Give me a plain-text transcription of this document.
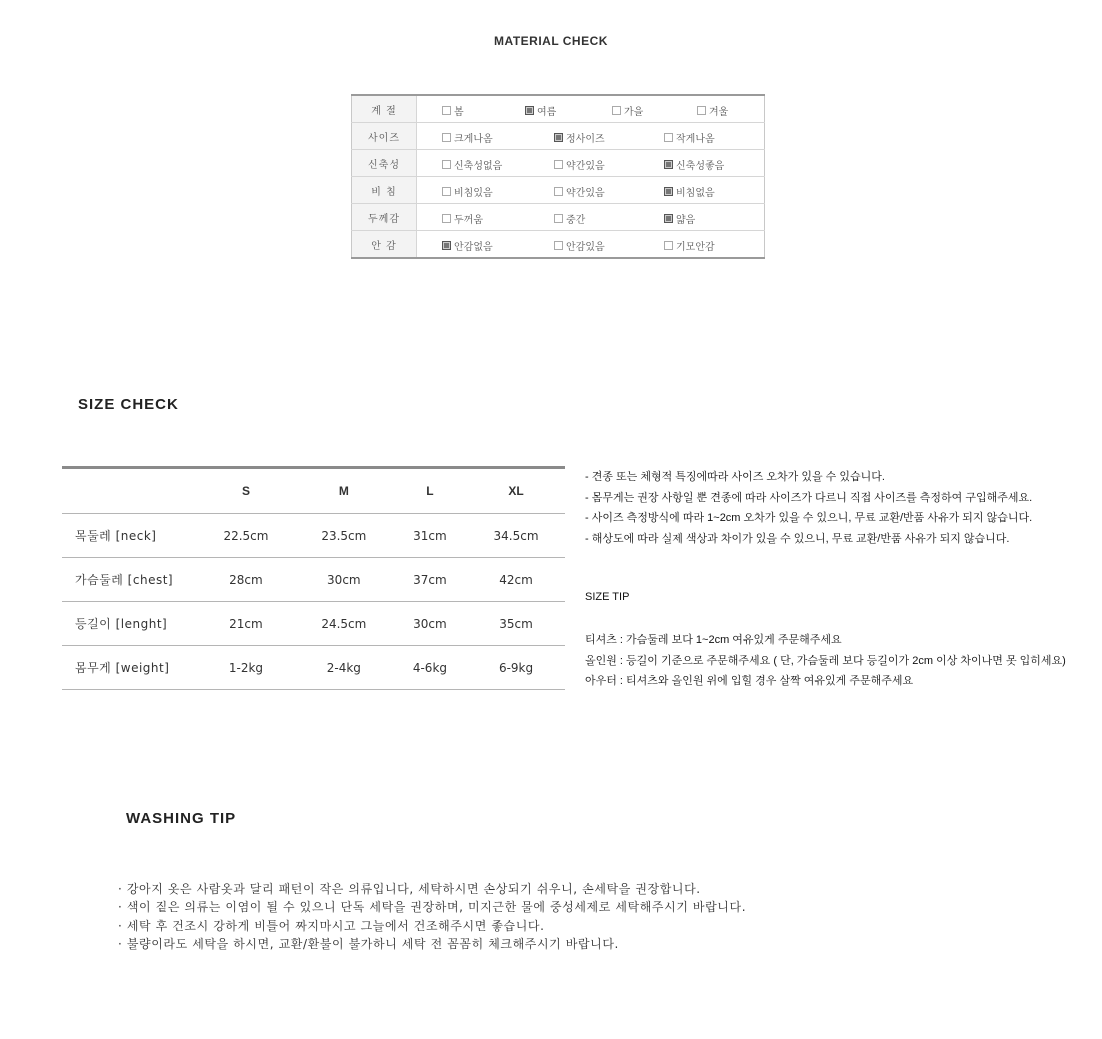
MATERIAL CHECK
계 절	봄 여름 가을 겨울

사이즈	크게나옴 정사이즈 작게나옴

신축성	신축성없음 약간있음 신축성좋음

비 침	비침있음 약간있음 비침없음

두께감	두꺼움 중간 얇음

안 감	안감없음 안감있음 기모안감
SIZE CHECK
	S	M	L	XL
목둘레 [neck]	22.5cm	23.5cm	31cm	34.5cm
가슴둘레 [chest]	28cm	30cm	37cm	42cm
등길이 [lenght]	21cm	24.5cm	30cm	35cm
몸무게 [weight]	1-2kg	2-4kg	4-6kg	6-9kg
- 견종 또는 체형적 특징에따라 사이즈 오차가 있을 수 있습니다.
- 몸무게는 권장 사항일 뿐 견종에 따라 사이즈가 다르니 직접 사이즈를 측정하여 구입해주세요.
- 사이즈 측정방식에 따라 1~2cm 오차가 있을 수 있으니, 무료 교환/반품 사유가 되지 않습니다.
- 해상도에 따라 실제 색상과 차이가 있을 수 있으니, 무료 교환/반품 사유가 되지 않습니다.
SIZE TIP
티셔츠 : 가슴둘레 보다 1~2cm 여유있게 주문해주세요
올인원 : 등길이 기준으로 주문해주세요 ( 단, 가슴둘레 보다 등길이가 2cm 이상 차이나면 못 입히세요)
아우터 : 티셔츠와 올인원 위에 입힐 경우 살짝 여유있게 주문해주세요
WASHING TIP
· 강아지 옷은 사람옷과 달리 패턴이 작은 의류입니다, 세탁하시면 손상되기 쉬우니, 손세탁을 권장합니다.
· 색이 짙은 의류는 이염이 될 수 있으니 단독 세탁을 권장하며, 미지근한 물에 중성세제로 세탁해주시기 바랍니다.
· 세탁 후 건조시 강하게 비틀어 짜지마시고 그늘에서 건조해주시면 좋습니다.
· 불량이라도 세탁을 하시면, 교환/환불이 불가하니 세탁 전 꼼꼼히 체크해주시기 바랍니다.
